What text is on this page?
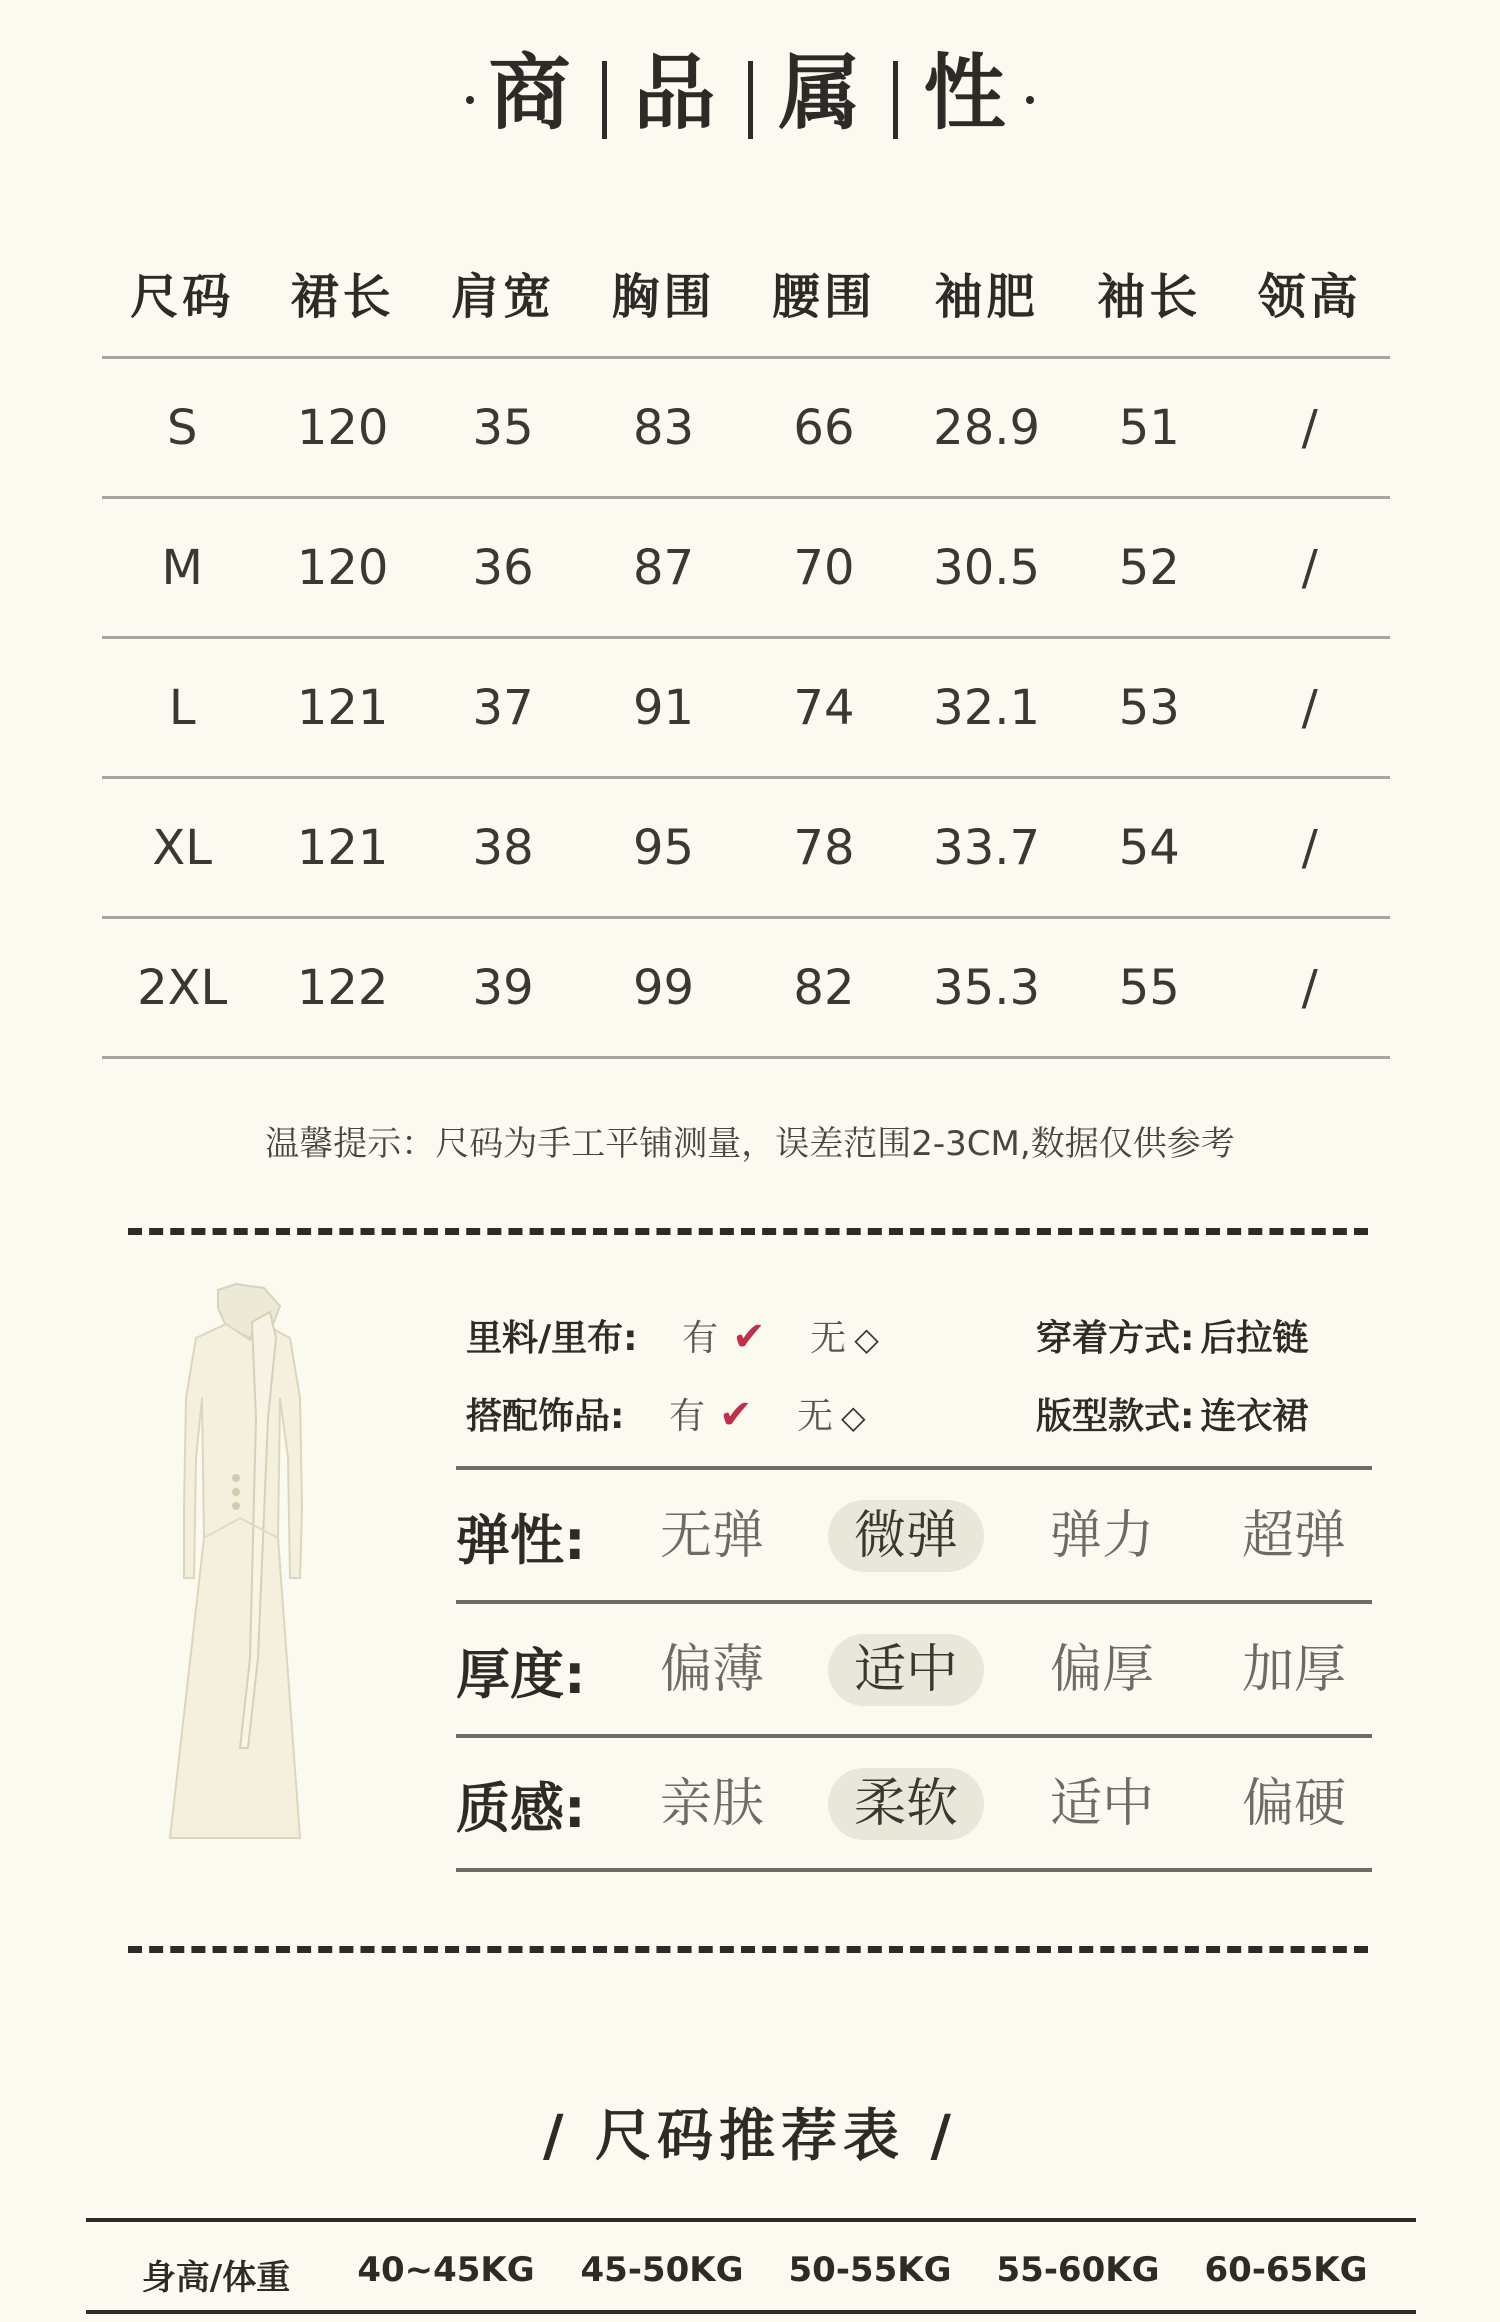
商 品 属 性
尺码	裙长	肩宽	胸围	腰围	袖肥	袖长	领高
S	120	35	83	66	28.9	51	/
M	120	36	87	70	30.5	52	/
L	121	37	91	74	32.1	53	/
XL	121	38	95	78	33.7	54	/
2XL	122	39	99	82	35.3	55	/
温馨提示：尺码为手工平铺测量，误差范围2-3CM,数据仅供参考
里料/里布: 有 ✔ 无 ◇	穿着方式: 后拉链
搭配饰品: 有 ✔ 无 ◇	版型款式: 连衣裙
弹性:	无弹	微弹	弹力	超弹
厚度:	偏薄	适中	偏厚	加厚
质感:	亲肤	柔软	适中	偏硬
/ 尺码推荐表 /
身高/体重 40~45KG 45-50KG 50-55KG 55-60KG 60-65KG
